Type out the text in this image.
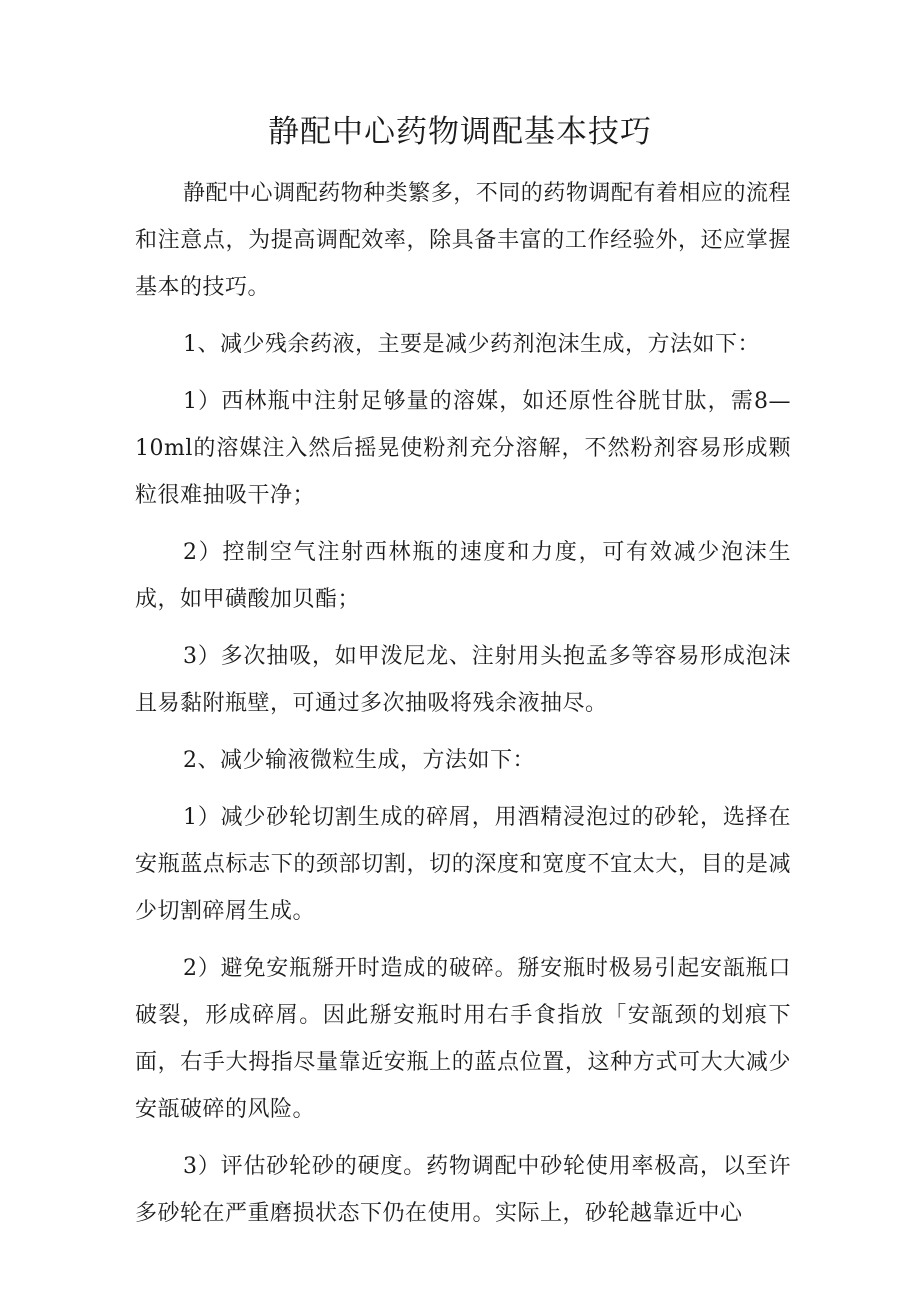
静配中心药物调配基本技巧

静配中心调配药物种类繁多，不同的药物调配有着相应的流程和注意点，为提高调配效率，除具备丰富的工作经验外，还应掌握基本的技巧。

1、减少残余药液，主要是减少药剂泡沫生成，方法如下：

1）西林瓶中注射足够量的溶媒，如还原性谷胱甘肽，需8—10ml的溶媒注入然后摇晃使粉剂充分溶解，不然粉剂容易形成颗粒很难抽吸干净；

2）控制空气注射西林瓶的速度和力度，可有效减少泡沫生成，如甲磺酸加贝酯；

3）多次抽吸，如甲泼尼龙、注射用头抱孟多等容易形成泡沫且易黏附瓶壁，可通过多次抽吸将残余液抽尽。

2、减少输液微粒生成，方法如下：

1）减少砂轮切割生成的碎屑，用酒精浸泡过的砂轮，选择在安瓶蓝点标志下的颈部切割，切的深度和宽度不宜太大，目的是减少切割碎屑生成。

2）避免安瓶掰开时造成的破碎。掰安瓶时极易引起安瓿瓶口破裂，形成碎屑。因此掰安瓶时用右手食指放「安瓿颈的划痕下面，右手大拇指尽量靠近安瓶上的蓝点位置，这种方式可大大减少安瓿破碎的风险。

3）评估砂轮砂的硬度。药物调配中砂轮使用率极高，以至许多砂轮在严重磨损状态下仍在使用。实际上，砂轮越靠近中心
